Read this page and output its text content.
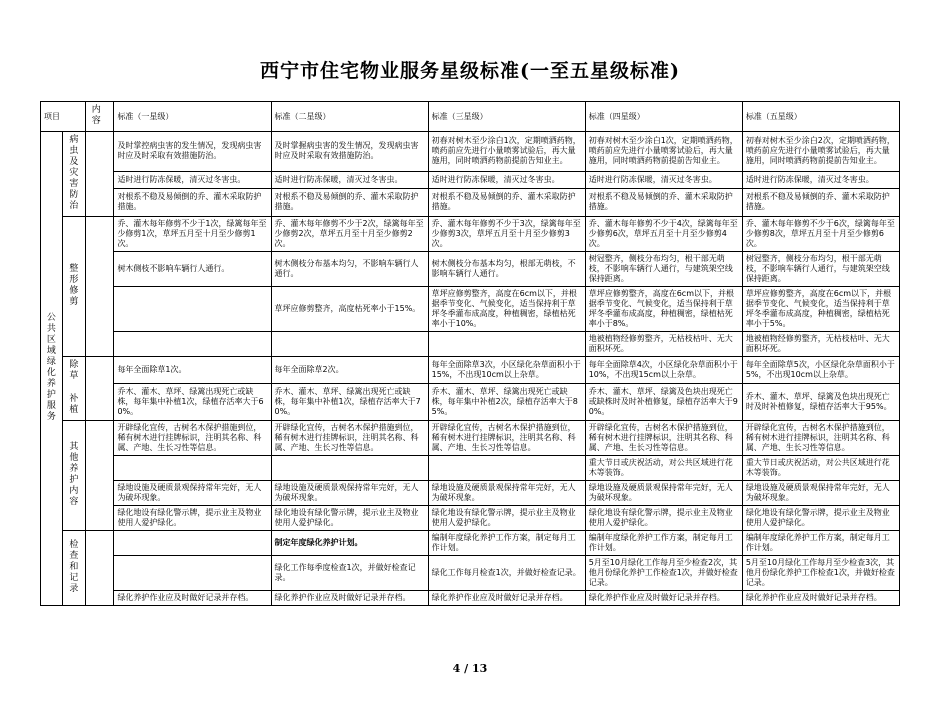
西宁市住宅物业服务星级标准(一至五星级标准)
项目		内容	标准（一星级）	标准（二星级）	标准（三星级）	标准（四星级）	标准（五星级）
公共区域绿化养护服务	病虫及灾害防治		及时掌控病虫害的发生情况，发现病虫害时应及时采取有效措施防治。	及时掌握病虫害的发生情况，发现病虫害时应及时采取有效措施防治。	初春对树木至少涂白1次，定期喷洒药物，喷药前应先进行小量喷雾试验后，再大量施用，同时喷洒药物前提前告知业主。	初春对树木至少涂白1次，定期喷洒药物，喷药前应先进行小量喷雾试验后，再大量施用，同时喷洒药物前提前告知业主。	初春对树木至少涂白2次，定期喷洒药物，喷药前应先进行小量喷雾试验后，再大量施用，同时喷洒药物前提前告知业主。
			适时进行防冻保暖，清灭过冬害虫。	适时进行防冻保暖，清灭过冬害虫。	适时进行防冻保暖，清灭过冬害虫。	适时进行防冻保暖，清灭过冬害虫。	适时进行防冻保暖，清灭过冬害虫。
			对根系不稳及易倾倒的乔、灌木采取防护措施。	对根系不稳及易倾倒的乔、灌木采取防护措施。	对根系不稳及易倾倒的乔、灌木采取防护措施。	对根系不稳及易倾倒的乔、灌木采取防护措施。	对根系不稳及易倾倒的乔、灌木采取防护措施。
	整形修剪		乔、灌木每年修剪不少于1次，绿篱每年至少修剪1次，草坪五月至十月至少修剪1次。	乔、灌木每年修剪不少于2次，绿篱每年至少修剪2次，草坪五月至十月至少修剪2次。	乔、灌木每年修剪不少于3次，绿篱每年至少修剪3次，草坪五月至十月至少修剪3次。	乔、灌木每年修剪不少于4次，绿篱每年至少修剪6次，草坪五月至十月至少修剪4次。	乔、灌木每年修剪不少于6次，绿篱每年至少修剪8次，草坪五月至十月至少修剪6次。
			树木侧枝不影响车辆行人通行。	树木侧枝分布基本均匀，不影响车辆行人通行。	树木侧枝分布基本均匀，根部无萌枝，不影响车辆行人通行。	树冠整齐，侧枝分布均匀，根干部无萌枝，不影响车辆行人通行，与建筑架空线保持距离。	树冠整齐，侧枝分布均匀，根干部无萌枝，不影响车辆行人通行，与建筑架空线保持距离。
				草坪应修剪整齐，高度枯死率小于15%。	草坪应修剪整齐，高度在6cm以下，并根据季节变化、气候变化，适当保持利于草坪冬季灌布成高度，种植稠密，绿植枯死率小于10%。	草坪应修剪整齐，高度在6cm以下，并根据季节变化、气候变化，适当保持利于草坪冬季灌布成高度，种植稠密，绿植枯死率小于8%。	草坪应修剪整齐，高度在6cm以下，并根据季节变化、气候变化，适当保持利于草坪冬季灌布成高度，种植稠密，绿植枯死率小于5%。
						地被植物经修剪整齐，无枯枝枯叶、无大面积坏死。	地被植物经修剪整齐，无枯枝枯叶、无大面积坏死。
	除草 补植		每年全面除草1次。	每年全面除草2次。	每年全面除草3次，小区绿化杂草面积小于15%，不出现10cm以上杂草。	每年全面除草4次，小区绿化杂草面积小于10%，不出现15cm以上杂草。	每年全面除草5次，小区绿化杂草面积小于5%，不出现10cm以上杂草。
			乔木、灌木、草坪、绿篱出现死亡或缺株，每年集中补植1次，绿植存活率大于60%。	乔木、灌木、草坪、绿篱出现死亡或缺株，每年集中补植1次，绿植存活率大于70%。	乔木、灌木、草坪、绿篱出现死亡或缺株，每年集中补植2次，绿植存活率大于85%。	乔木、灌木、草坪、绿篱及色块出现死亡或缺株时及时补植修复，绿植存活率大于90%。	乔木、灌木、草坪、绿篱及色块出现死亡时及时补植修复，绿植存活率大于95%。
	其他养护内容		开辟绿化宜传，古树名木保护措施到位，稀有树木进行挂牌标识，注明其名称、科属、产地、生长习性等信息。	开辟绿化宜传，古树名木保护措施到位，稀有树木进行挂牌标识，注明其名称、科属、产地、生长习性等信息。	开辟绿化宜传，古树名木保护措施到位，稀有树木进行挂牌标识，注明其名称、科属、产地、生长习性等信息。	开辟绿化宜传，古树名木保护措施到位，稀有树木进行挂牌标识，注明其名称、科属、产地、生长习性等信息。	开辟绿化宜传，古树名木保护措施到位，稀有树木进行挂牌标识，注明其名称、科属、产地、生长习性等信息。
						重大节日或庆祝活动，对公共区域进行花木等装饰。	重大节日或庆祝活动，对公共区域进行花木等装饰。
			绿地设施及硬质景观保持常年完好，无人为破坏现象。	绿地设施及硬质景观保持常年完好，无人为破坏现象。	绿地设施及硬质景观保持常年完好，无人为破坏现象。	绿地设施及硬质景观保持常年完好，无人为破坏现象。	绿地设施及硬质景观保持常年完好，无人为破坏现象。
			绿化地设有绿化警示牌，提示业主及物业使用人爱护绿化。	绿化地设有绿化警示牌，提示业主及物业使用人爱护绿化。	绿化地设有绿化警示牌，提示业主及物业使用人爱护绿化。	绿化地设有绿化警示牌，提示业主及物业使用人爱护绿化。	绿化地设有绿化警示牌，提示业主及物业使用人爱护绿化。
	检查和记录			制定年度绿化养护计划。	编制年度绿化养护工作方案，制定每月工作计划。	编制年度绿化养护工作方案，制定每月工作计划。	编制年度绿化养护工作方案，制定每月工作计划。
				绿化工作每季度检查1次，并做好检查记录。	绿化工作每月检查1次，并做好检查记录。	5月至10月绿化工作每月至少检查2次，其他月份绿化养护工作检查1次，并做好检查记录。	5月至10月绿化工作每月至少检查3次，其他月份绿化养护工作检查1次，并做好检查记录。
			绿化养护作业应及时做好记录并存档。	绿化养护作业应及时做好记录并存档。	绿化养护作业应及时做好记录并存档。	绿化养护作业应及时做好记录并存档。	绿化养护作业应及时做好记录并存档。
4 / 13
